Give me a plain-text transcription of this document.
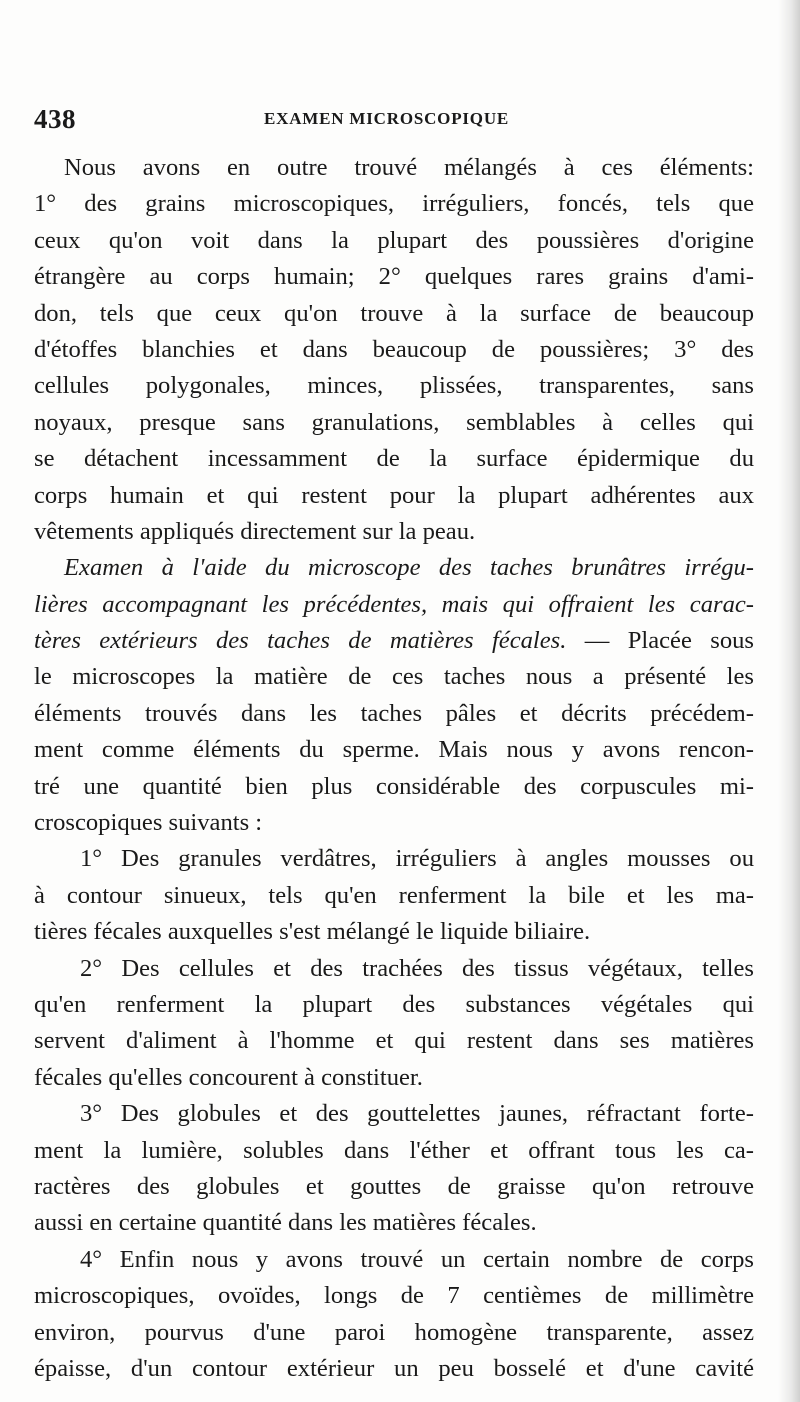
438	EXAMEN MICROSCOPIQUE
Nous avons en outre trouvé mélangés à ces éléments:
1° des grains microscopiques, irréguliers, foncés, tels que
ceux qu'on voit dans la plupart des poussières d'origine
étrangère au corps humain; 2° quelques rares grains d'ami-
don, tels que ceux qu'on trouve à la surface de beaucoup
d'étoffes blanchies et dans beaucoup de poussières; 3° des
cellules polygonales, minces, plissées, transparentes, sans
noyaux, presque sans granulations, semblables à celles qui
se détachent incessamment de la surface épidermique du
corps humain et qui restent pour la plupart adhérentes aux
vêtements appliqués directement sur la peau.
Examen à l'aide du microscope des taches brunâtres irrégu-
lières accompagnant les précédentes, mais qui offraient les carac-
tères extérieurs des taches de matières fécales. — Placée sous
le microscopes la matière de ces taches nous a présenté les
éléments trouvés dans les taches pâles et décrits précédem-
ment comme éléments du sperme. Mais nous y avons rencon-
tré une quantité bien plus considérable des corpuscules mi-
croscopiques suivants :
1° Des granules verdâtres, irréguliers à angles mousses ou
à contour sinueux, tels qu'en renferment la bile et les ma-
tières fécales auxquelles s'est mélangé le liquide biliaire.
2° Des cellules et des trachées des tissus végétaux, telles
qu'en renferment la plupart des substances végétales qui
servent d'aliment à l'homme et qui restent dans ses matières
fécales qu'elles concourent à constituer.
3° Des globules et des gouttelettes jaunes, réfractant forte-
ment la lumière, solubles dans l'éther et offrant tous les ca-
ractères des globules et gouttes de graisse qu'on retrouve
aussi en certaine quantité dans les matières fécales.
4° Enfin nous y avons trouvé un certain nombre de corps
microscopiques, ovoïdes, longs de 7 centièmes de millimètre
environ, pourvus d'une paroi homogène transparente, assez
épaisse, d'un contour extérieur un peu bosselé et d'une cavité
